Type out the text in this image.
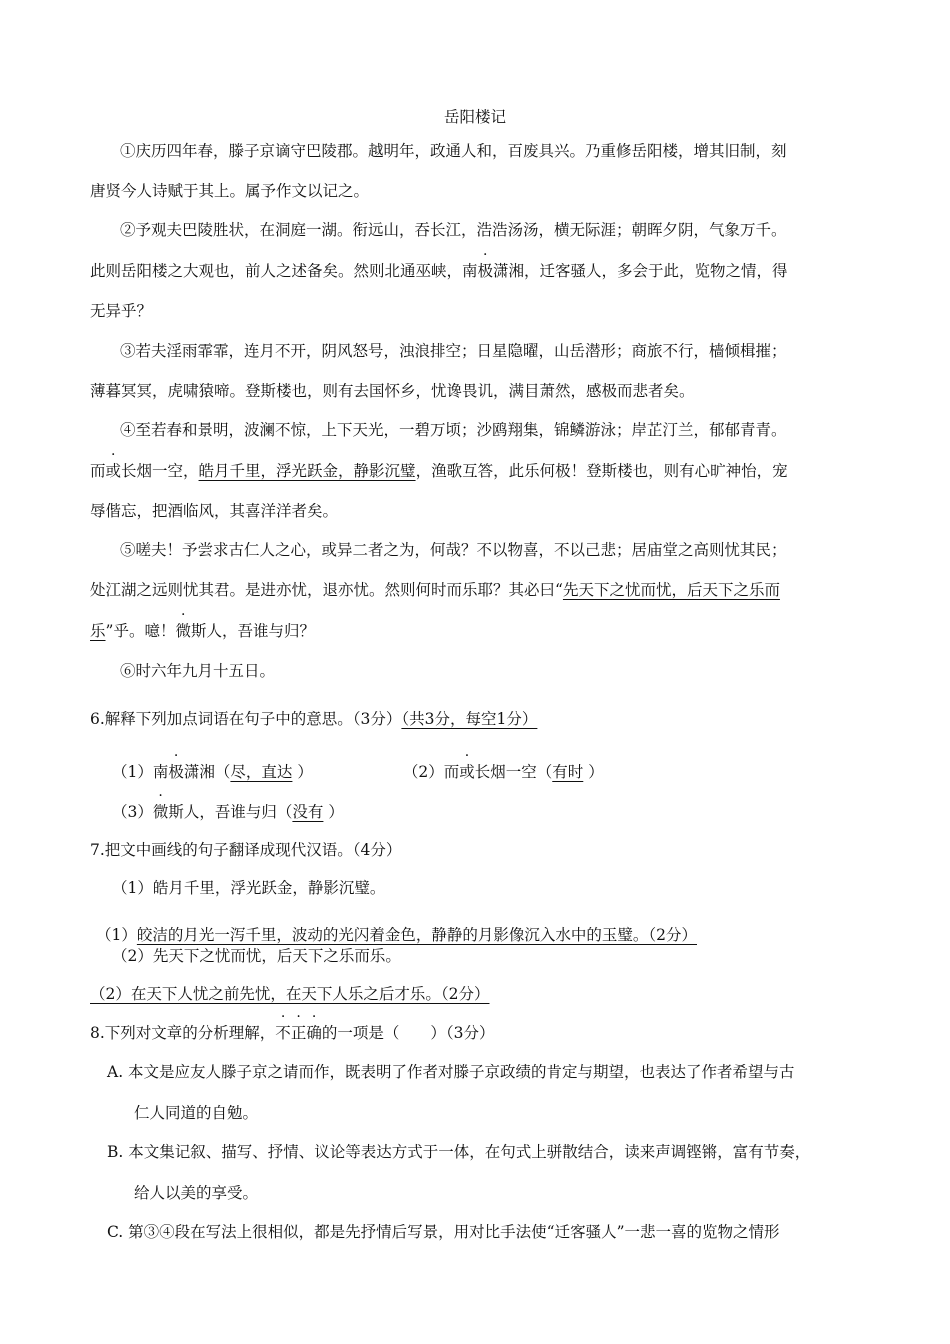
岳阳楼记
①庆历四年春，滕子京谪守巴陵郡。越明年，政通人和，百废具兴。乃重修岳阳楼，增其旧制，刻
唐贤今人诗赋于其上。属予作文以记之。
②予观夫巴陵胜状，在洞庭一湖。衔远山，吞长江，浩浩汤汤，横无际涯；朝晖夕阴，气象万千。
此则岳阳楼之大观也，前人之述备矣。然则北通巫峡，南极潇湘，迁客骚人，多会于此，览物之情，得
无异乎？
③若夫淫雨霏霏，连月不开，阴风怒号，浊浪排空；日星隐曜，山岳潜形；商旅不行，樯倾楫摧；
薄暮冥冥，虎啸猿啼。登斯楼也，则有去国怀乡，忧谗畏讥，满目萧然，感极而悲者矣。
④至若春和景明，波澜不惊，上下天光，一碧万顷；沙鸥翔集，锦鳞游泳；岸芷汀兰，郁郁青青。
而或长烟一空，皓月千里，浮光跃金，静影沉璧，渔歌互答，此乐何极！登斯楼也，则有心旷神怡，宠
辱偕忘，把酒临风，其喜洋洋者矣。
⑤嗟夫！予尝求古仁人之心，或异二者之为，何哉？不以物喜，不以己悲；居庙堂之高则忧其民；
处江湖之远则忧其君。是进亦忧，退亦忧。然则何时而乐耶？其必曰“先天下之忧而忧，后天下之乐而
乐”乎。噫！微斯人，吾谁与归？
⑥时六年九月十五日。
6.解释下列加点词语在句子中的意思。（3分）（共3分，每空1分）
（1）南极潇湘（尽，直达 ）	（2）而或长烟一空（有时 ）
（3）微斯人，吾谁与归（没有 ）
7.把文中画线的句子翻译成现代汉语。（4分）
（1）皓月千里，浮光跃金，静影沉璧。
（1）皎洁的月光一泻千里，波动的光闪着金色，静静的月影像沉入水中的玉璧。（2分）
（2）先天下之忧而忧，后天下之乐而乐。
（2）在天下人忧之前先忧，在天下人乐之后才乐。（2分）
8.下列对文章的分析理解，不正确的一项是（　　）（3分）
A. 本文是应友人滕子京之请而作，既表明了作者对滕子京政绩的肯定与期望，也表达了作者希望与古
仁人同道的自勉。
B. 本文集记叙、描写、抒情、议论等表达方式于一体，在句式上骈散结合，读来声调铿锵，富有节奏，
给人以美的享受。
C. 第③④段在写法上很相似，都是先抒情后写景，用对比手法使“迁客骚人”一悲一喜的览物之情形
